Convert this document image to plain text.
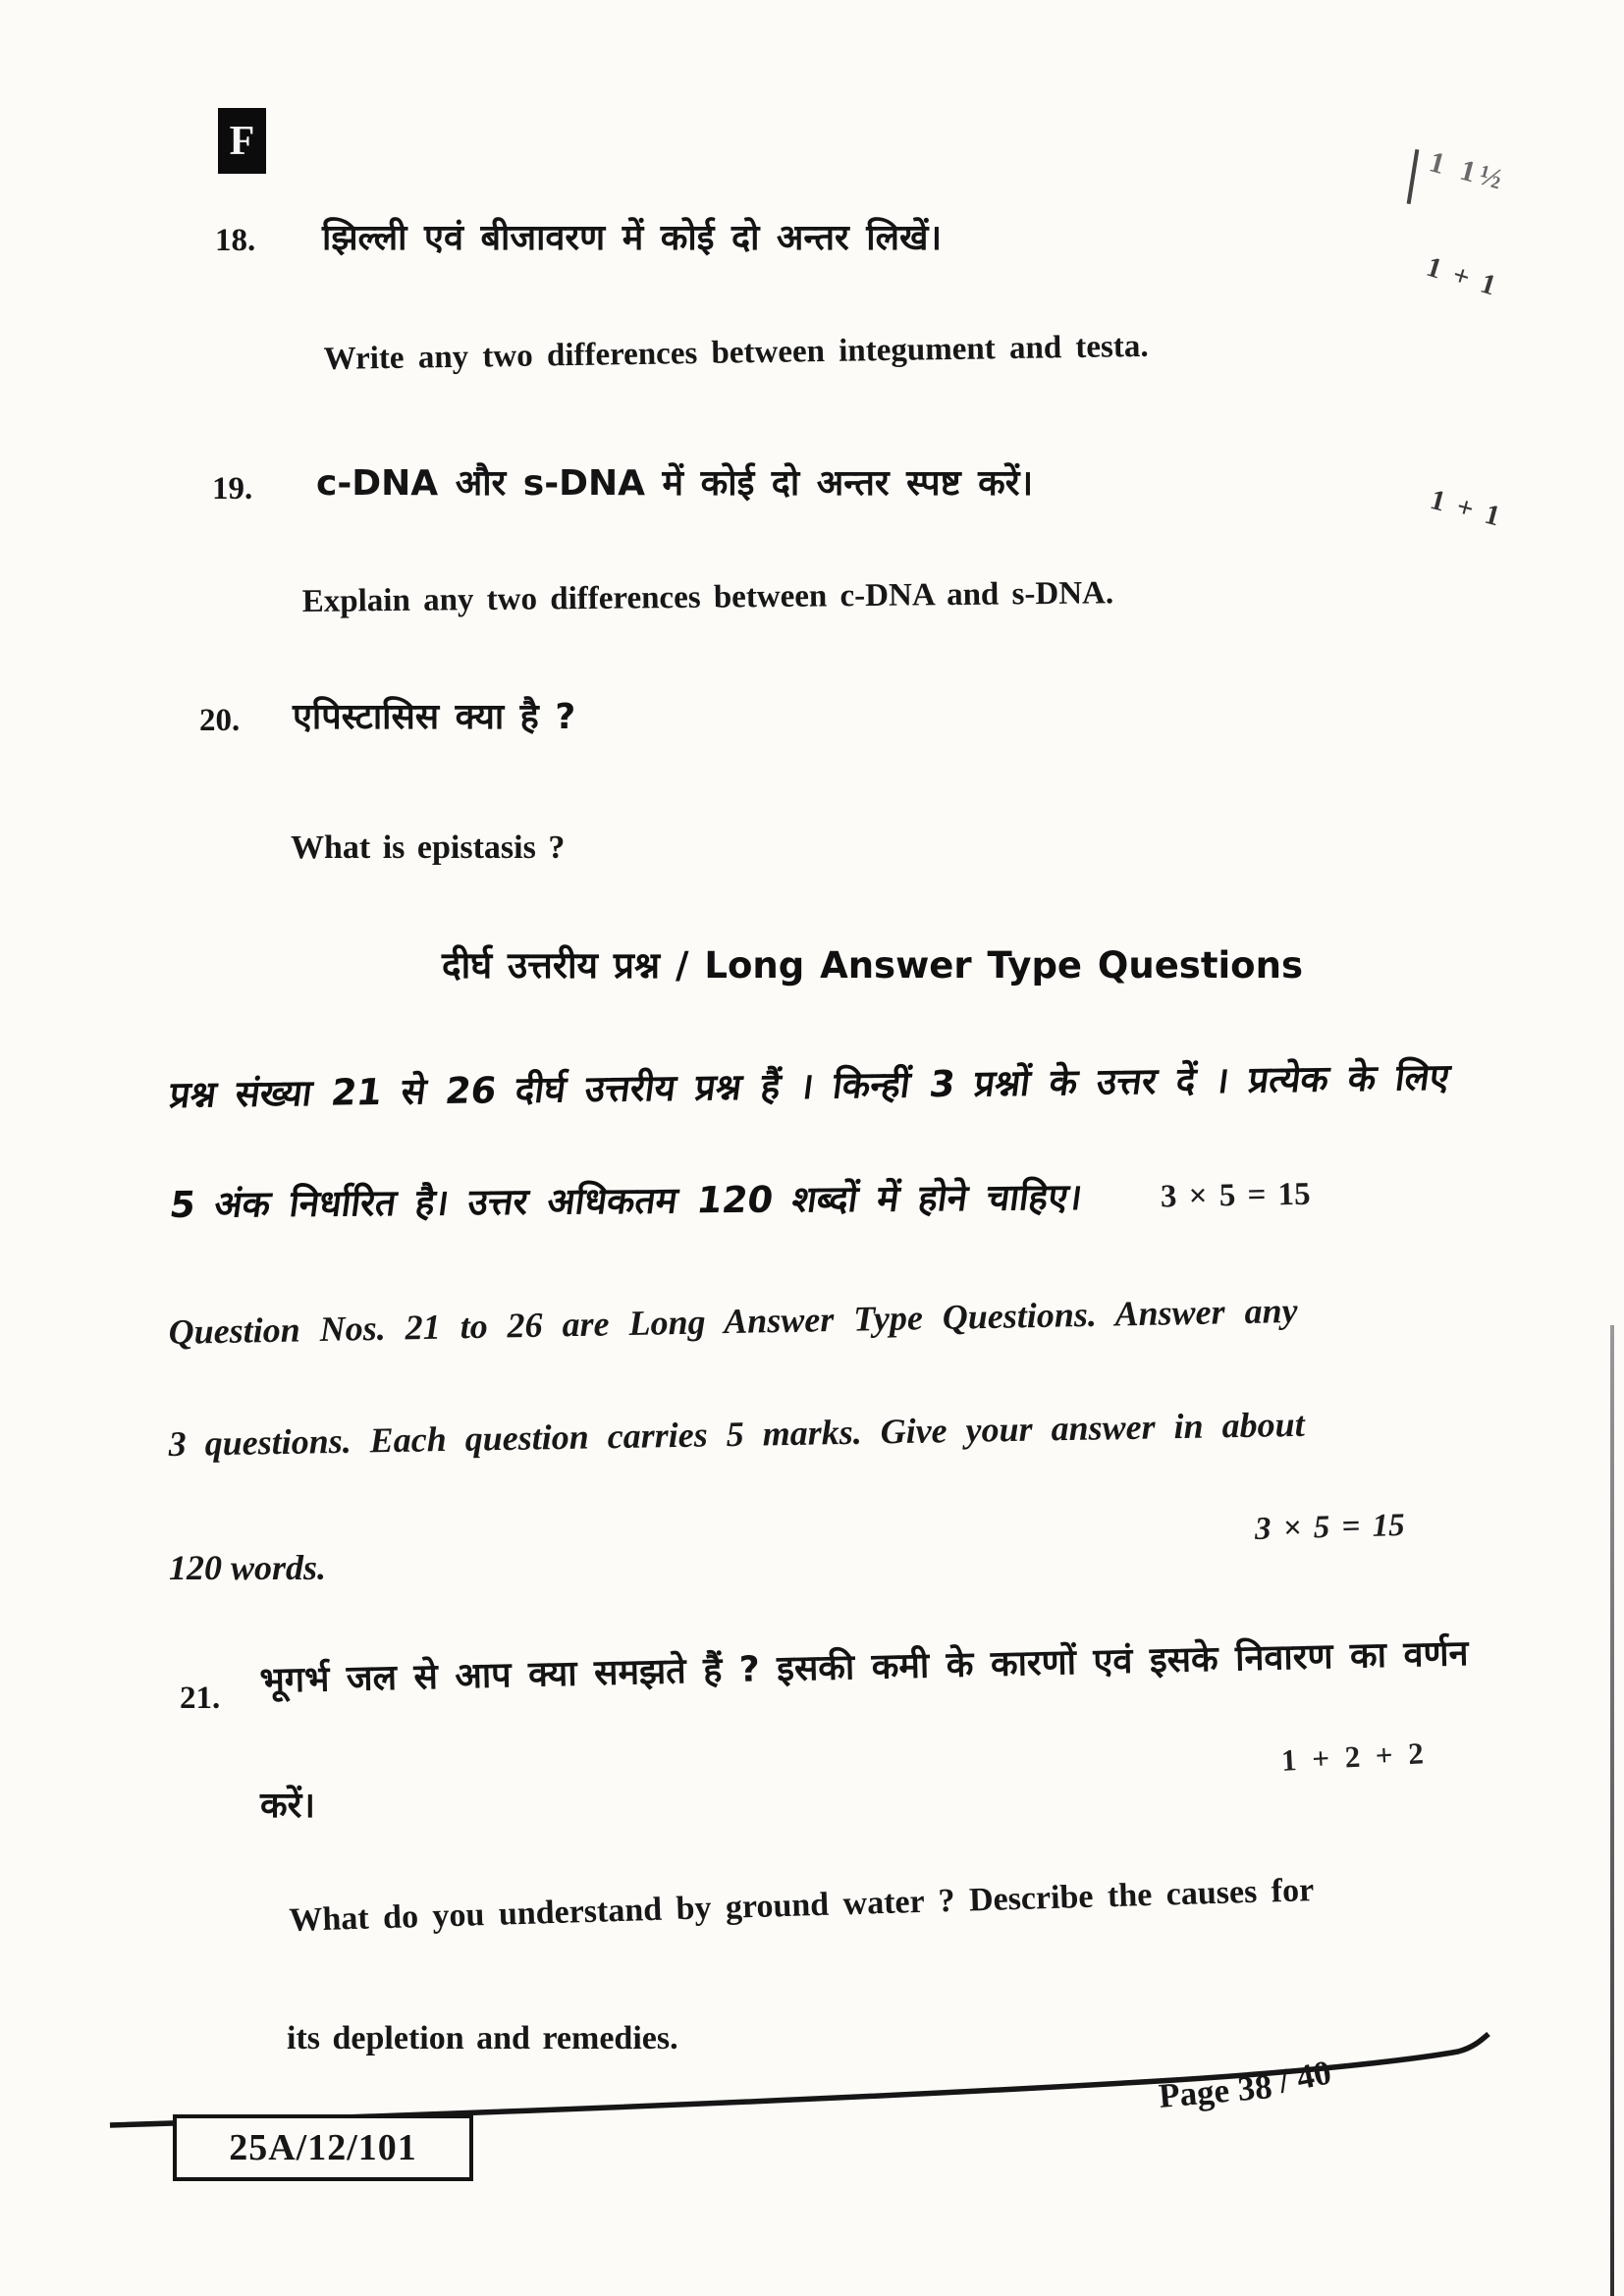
F
1 1½
1 + 1
18. झिल्ली एवं बीजावरण में कोई दो अन्तर लिखें।
Write any two differences between integument and testa.
19. c-DNA और s-DNA में कोई दो अन्तर स्पष्ट करें।
1 + 1
Explain any two differences between c-DNA and s-DNA.
20. एपिस्टासिस क्या है ?
What is epistasis ?
दीर्घ उत्तरीय प्रश्न / Long Answer Type Questions
प्रश्न संख्या 21 से 26 दीर्घ उत्तरीय प्रश्न हैं । किन्हीं 3 प्रश्नों के उत्तर दें । प्रत्येक के लिए
5 अंक निर्धारित है। उत्तर अधिकतम 120 शब्दों में होने चाहिए। 3 × 5 = 15
Question Nos. 21 to 26 are Long Answer Type Questions. Answer any
3 questions. Each question carries 5 marks. Give your answer in about
3 × 5 = 15
120 words.
21. भूगर्भ जल से आप क्या समझते हैं ? इसकी कमी के कारणों एवं इसके निवारण का वर्णन
1 + 2 + 2
करें।
What do you understand by ground water ? Describe the causes for
its depletion and remedies.
25A/12/101
Page 38 / 40
